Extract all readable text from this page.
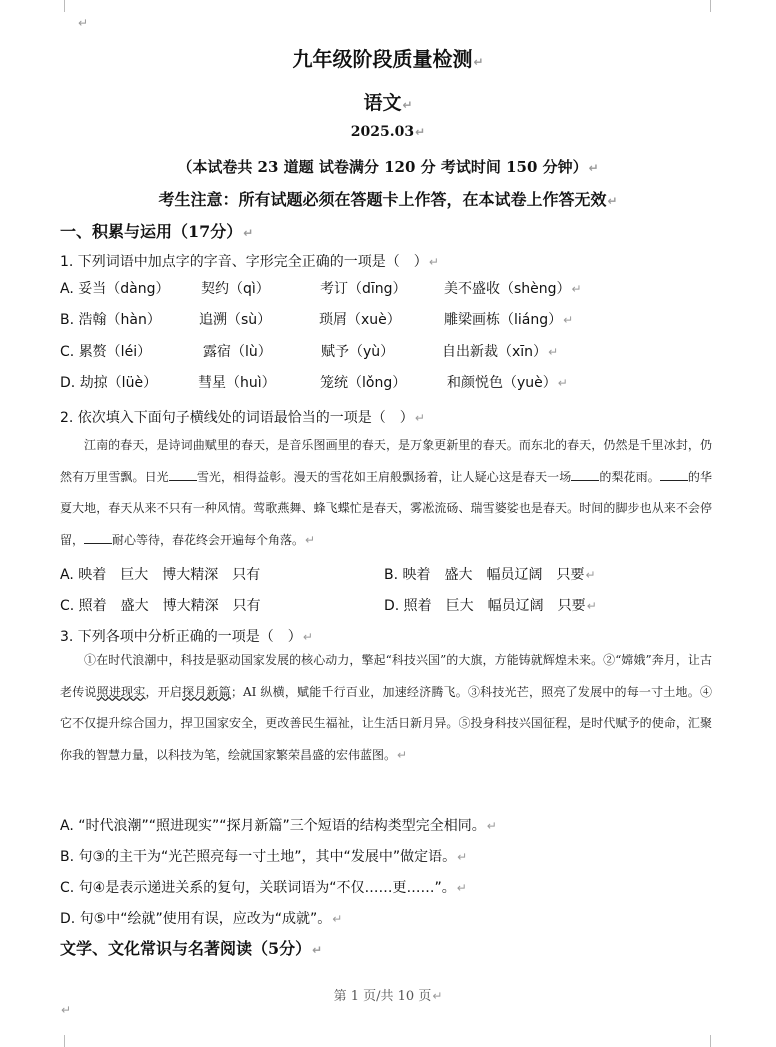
↵
九年级阶段质量检测↵
语文↵
2025.03↵
（本试卷共 23 道题 试卷满分 120 分 考试时间 150 分钟）↵
考生注意：所有试题必须在答题卡上作答，在本试卷上作答无效↵
一、积累与运用（17分）↵
1. 下列词语中加点字的字音、字形完全正确的一项是（　）↵
A. 妥当（dàng） 契约（qì）	考订（dīng）	美不盛收（shèng）↵
B. 浩翰（hàn）	追溯（sù）	琐屑（xuè）	雕梁画栋（liáng）↵
C. 累赘（léi）	露宿（lù）	赋予（yù）	自出新裁（xīn）↵
D. 劫掠（lüè）	彗星（huì）	笼统（lǒng）	和颜悦色（yuè）↵
2. 依次填入下面句子横线处的词语最恰当的一项是（　）↵

江南的春天，是诗词曲赋里的春天，是音乐图画里的春天，是万象更新里的春天。而东北的春天，仍然是千里冰封，仍然有万里雪飘。日光 雪光，相得益彰。漫天的雪花如王肩般飘扬着，让人疑心这是春天一场 的梨花雨。 的华夏大地，春天从来不只有一种风情。莺歌燕舞、蜂飞蝶忙是春天，雾凇流砀、瑞雪婆娑也是春天。时间的脚步也从来不会停留， 耐心等待，春花终会开遍每个角落。↵

A. 映着　巨大　博大精深　只有	B. 映着　盛大　幅员辽阔　只要↵
C. 照着　盛大　博大精深　只有	D. 照着　巨大　幅员辽阔　只要↵
3. 下列各项中分析正确的一项是（　）↵

①在时代浪潮中，科技是驱动国家发展的核心动力，擎起“科技兴国”的大旗，方能铸就辉煌未来。②“嫦娥”奔月，让古老传说照进现实，开启探月新篇；AI 纵横，赋能千行百业，加速经济腾飞。③科技光芒，照亮了发展中的每一寸土地。④它不仅提升综合国力，捍卫国家安全，更改善民生福祉，让生活日新月异。⑤投身科技兴国征程，是时代赋予的使命，汇聚你我的智慧力量，以科技为笔，绘就国家繁荣昌盛的宏伟蓝图。↵

A. “时代浪潮”“照进现实”“探月新篇”三个短语的结构类型完全相同。↵
B. 句③的主干为“光芒照亮每一寸土地”，其中“发展中”做定语。↵
C. 句④是表示递进关系的复句，关联词语为“不仅……更……”。↵
D. 句⑤中“绘就”使用有误，应改为“成就”。↵
文学、文化常识与名著阅读（5分）↵
第 1 页/共 10 页↵
↵
